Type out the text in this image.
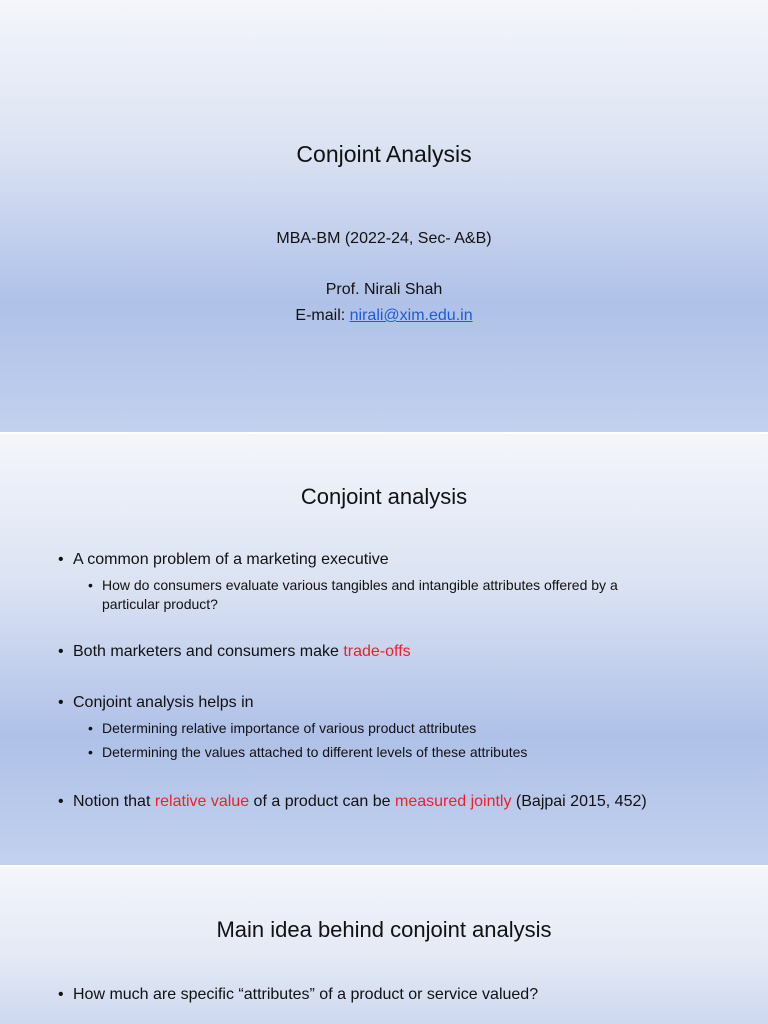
Conjoint Analysis
MBA-BM (2022-24, Sec- A&B)
Prof. Nirali Shah
E-mail: nirali@xim.edu.in
Conjoint analysis
• A common problem of a marketing executive
• How do consumers evaluate various tangibles and intangible attributes offered by a
particular product?
• Both marketers and consumers make trade-offs
• Conjoint analysis helps in
• Determining relative importance of various product attributes
• Determining the values attached to different levels of these attributes
• Notion that relative value of a product can be measured jointly (Bajpai 2015, 452)
Main idea behind conjoint analysis
• How much are specific “attributes” of a product or service valued?
